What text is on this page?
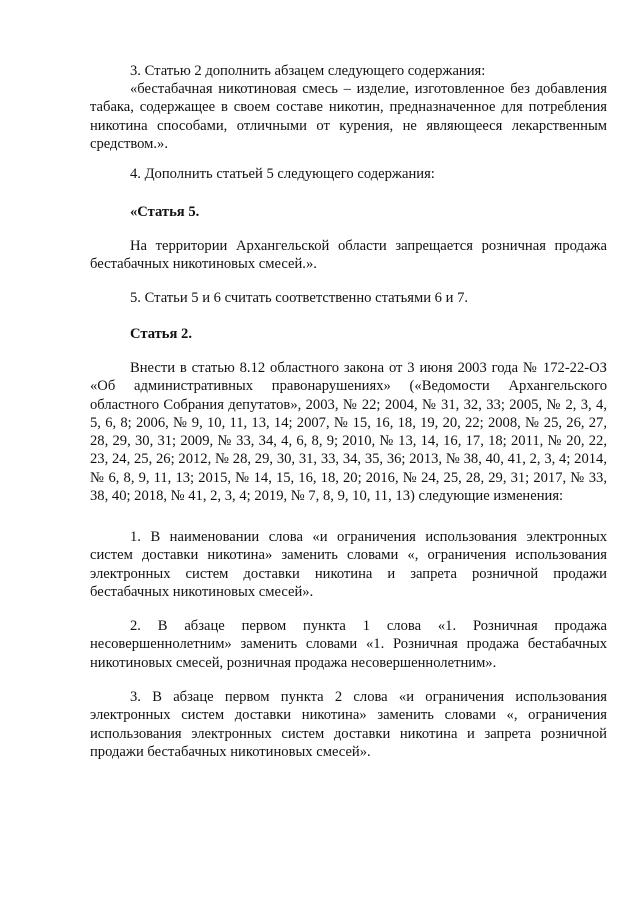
3. Статью 2 дополнить абзацем следующего содержания:

«бестабачная никотиновая смесь – изделие, изготовленное без добавления табака, содержащее в своем составе никотин, предназначенное для потребления никотина способами, отличными от курения, не являющееся лекарственным средством.».

4. Дополнить статьей 5 следующего содержания:

«Статья 5.

На территории Архангельской области запрещается розничная продажа бестабачных никотиновых смесей.».

5. Статьи 5 и 6 считать соответственно статьями 6 и 7.

Статья 2.

Внести в статью 8.12 областного закона от 3 июня 2003 года № 172-22-ОЗ «Об административных правонарушениях» («Ведомости Архангельского областного Собрания депутатов», 2003, № 22; 2004, № 31, 32, 33; 2005, № 2, 3, 4, 5, 6, 8; 2006, № 9, 10, 11, 13, 14; 2007, № 15, 16, 18, 19, 20, 22; 2008, № 25, 26, 27, 28, 29, 30, 31; 2009, № 33, 34, 4, 6, 8, 9; 2010, № 13, 14, 16, 17, 18; 2011, № 20, 22, 23, 24, 25, 26; 2012, № 28, 29, 30, 31, 33, 34, 35, 36; 2013, № 38, 40, 41, 2, 3, 4; 2014, № 6, 8, 9, 11, 13; 2015, № 14, 15, 16, 18, 20; 2016, № 24, 25, 28, 29, 31; 2017, № 33, 38, 40; 2018, № 41, 2, 3, 4; 2019, № 7, 8, 9, 10, 11, 13) следующие изменения:

1. В наименовании слова «и ограничения использования электронных систем доставки никотина» заменить словами «, ограничения использования электронных систем доставки никотина и запрета розничной продажи бестабачных никотиновых смесей».

2. В абзаце первом пункта 1 слова «1. Розничная продажа несовершеннолетним» заменить словами «1. Розничная продажа бестабачных никотиновых смесей, розничная продажа несовершеннолетним».

3. В абзаце первом пункта 2 слова «и ограничения использования электронных систем доставки никотина» заменить словами «, ограничения использования электронных систем доставки никотина и запрета розничной продажи бестабачных никотиновых смесей».
